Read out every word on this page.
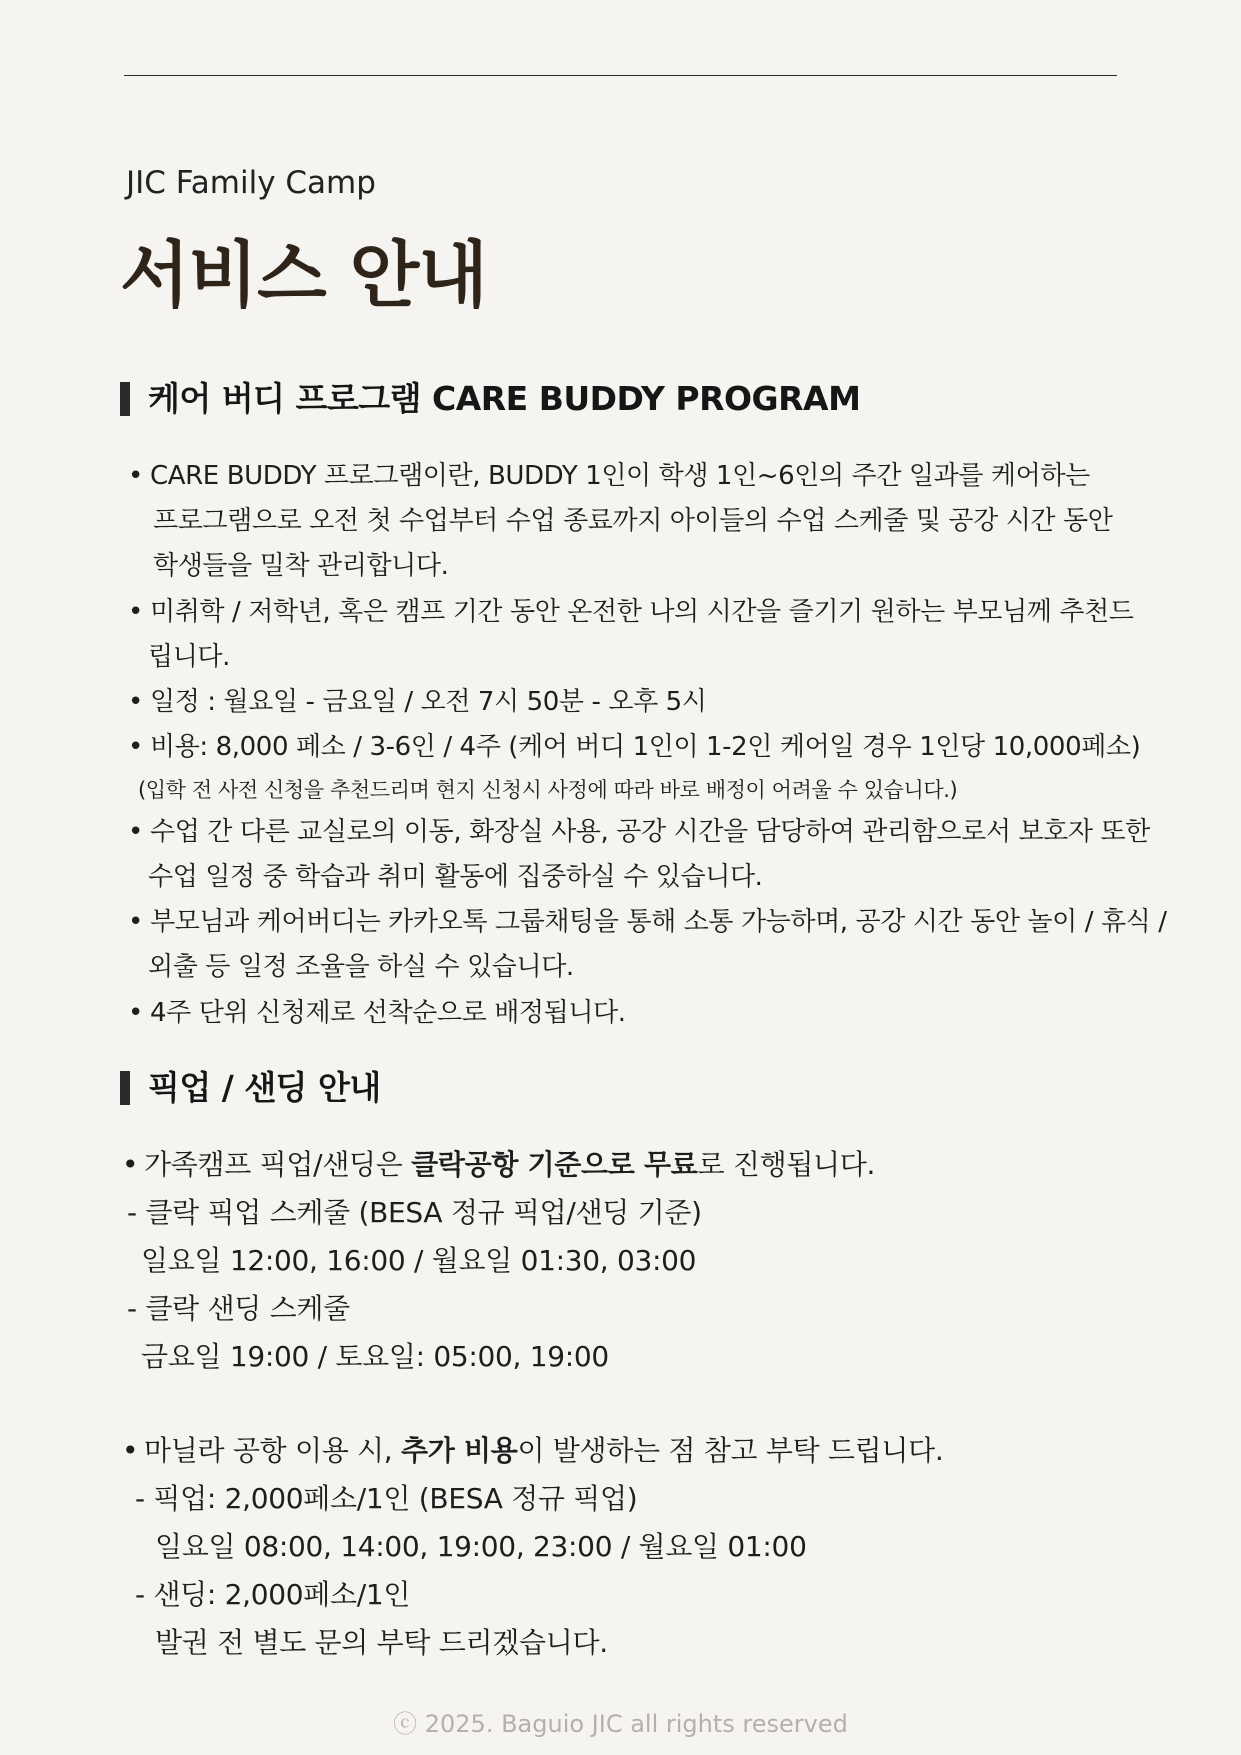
JIC Family Camp
서비스 안내
케어 버디 프로그램 CARE BUDDY PROGRAM
• CARE BUDDY 프로그램이란, BUDDY 1인이 학생 1인~6인의 주간 일과를 케어하는
프로그램으로 오전 첫 수업부터 수업 종료까지 아이들의 수업 스케줄 및 공강 시간 동안
학생들을 밀착 관리합니다.
• 미취학 / 저학년, 혹은 캠프 기간 동안 온전한 나의 시간을 즐기기 원하는 부모님께 추천드
립니다.
• 일정 : 월요일 - 금요일 / 오전 7시 50분 - 오후 5시
• 비용: 8,000 페소 / 3-6인 / 4주 (케어 버디 1인이 1-2인 케어일 경우 1인당 10,000페소)
(입학 전 사전 신청을 추천드리며 현지 신청시 사정에 따라 바로 배정이 어려울 수 있습니다.)
• 수업 간 다른 교실로의 이동, 화장실 사용, 공강 시간을 담당하여 관리함으로서 보호자 또한
수업 일정 중 학습과 취미 활동에 집중하실 수 있습니다.
• 부모님과 케어버디는 카카오톡 그룹채팅을 통해 소통 가능하며, 공강 시간 동안 놀이 / 휴식 /
외출 등 일정 조율을 하실 수 있습니다.
• 4주 단위 신청제로 선착순으로 배정됩니다.
픽업 / 샌딩 안내
• 가족캠프 픽업/샌딩은 클락공항 기준으로 무료로 진행됩니다.
- 클락 픽업 스케줄 (BESA 정규 픽업/샌딩 기준)
일요일 12:00, 16:00 / 월요일 01:30, 03:00
- 클락 샌딩 스케줄
금요일 19:00 / 토요일: 05:00, 19:00
• 마닐라 공항 이용 시, 추가 비용이 발생하는 점 참고 부탁 드립니다.
- 픽업: 2,000페소/1인 (BESA 정규 픽업)
일요일 08:00, 14:00, 19:00, 23:00 / 월요일 01:00
- 샌딩: 2,000페소/1인
발권 전 별도 문의 부탁 드리겠습니다.
ⓒ 2025. Baguio JIC all rights reserved
